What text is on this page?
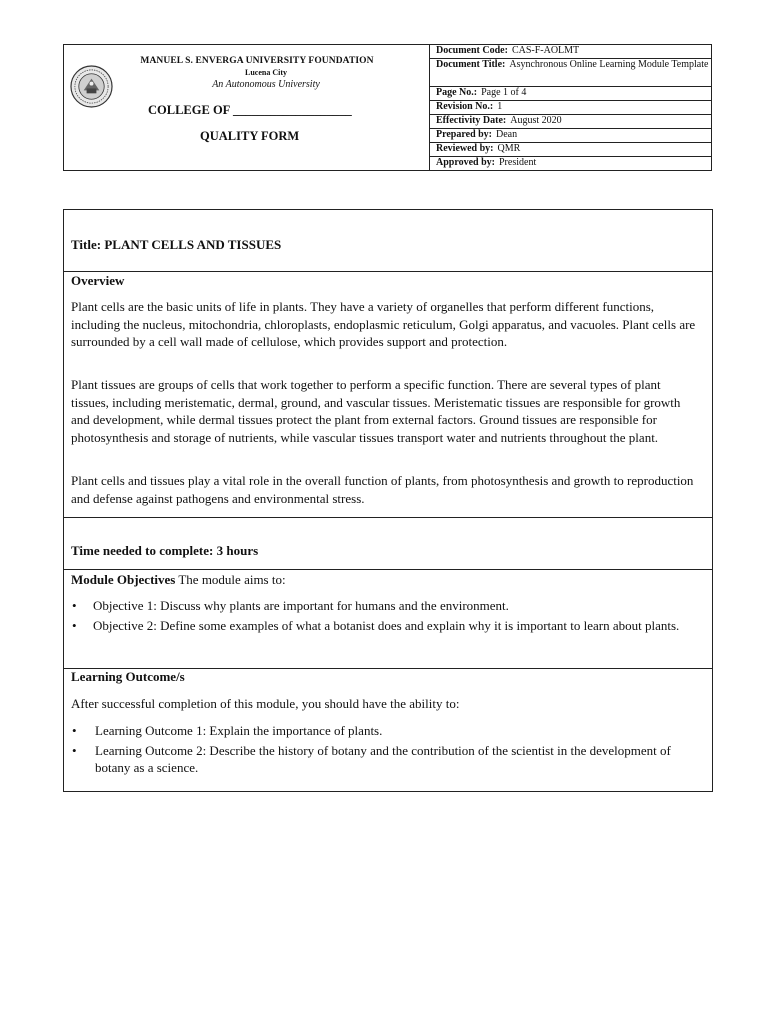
MANUEL S. ENVERGA UNIVERSITY FOUNDATION
Lucena City
An Autonomous University
COLLEGE OF ___________________
QUALITY FORM
Document Code: CAS-F-AOLMT
Document Title: Asynchronous Online Learning Module Template
Page No.: Page 1 of 4
Revision No.: 1
Effectivity Date: August 2020
Prepared by: Dean
Reviewed by: QMR
Approved by: President
Title: PLANT CELLS AND TISSUES
Overview
Plant cells are the basic units of life in plants. They have a variety of organelles that perform different functions, including the nucleus, mitochondria, chloroplasts, endoplasmic reticulum, Golgi apparatus, and vacuoles. Plant cells are surrounded by a cell wall made of cellulose, which provides support and protection.
Plant tissues are groups of cells that work together to perform a specific function. There are several types of plant tissues, including meristematic, dermal, ground, and vascular tissues. Meristematic tissues are responsible for growth and development, while dermal tissues protect the plant from external factors. Ground tissues are responsible for photosynthesis and storage of nutrients, while vascular tissues transport water and nutrients throughout the plant.
Plant cells and tissues play a vital role in the overall function of plants, from photosynthesis and growth to reproduction and defense against pathogens and environmental stress.
Time needed to complete: 3 hours
Module Objectives The module aims to:
• Objective 1: Discuss why plants are important for humans and the environment.
• Objective 2: Define some examples of what a botanist does and explain why it is important to learn about plants.
Learning Outcome/s
After successful completion of this module, you should have the ability to:
• Learning Outcome 1: Explain the importance of plants.
• Learning Outcome 2: Describe the history of botany and the contribution of the scientist in the development of botany as a science.
